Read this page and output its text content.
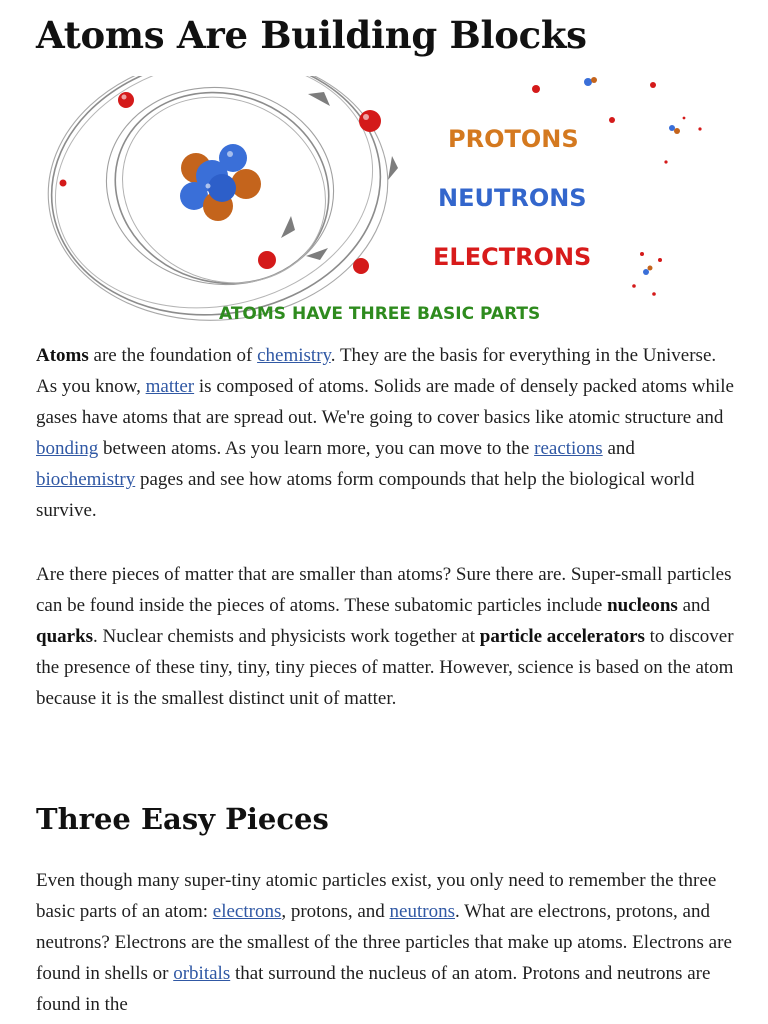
Atoms Are Building Blocks
PROTONS
NEUTRONS
ELECTRONS
ATOMS HAVE THREE BASIC PARTS

Atoms are the foundation of chemistry. They are the basis for everything in the Universe. As you know, matter is composed of atoms. Solids are made of densely packed atoms while gases have atoms that are spread out. We're going to cover basics like atomic structure and bonding between atoms. As you learn more, you can move to the reactions and biochemistry pages and see how atoms form compounds that help the biological world survive.

Are there pieces of matter that are smaller than atoms? Sure there are. Super-small particles can be found inside the pieces of atoms. These subatomic particles include nucleons and quarks. Nuclear chemists and physicists work together at particle accelerators to discover the presence of these tiny, tiny, tiny pieces of matter. However, science is based on the atom because it is the smallest distinct unit of matter.

Three Easy Pieces

Even though many super-tiny atomic particles exist, you only need to remember the three basic parts of an atom: electrons, protons, and neutrons. What are electrons, protons, and neutrons? Electrons are the smallest of the three particles that make up atoms. Electrons are found in shells or orbitals that surround the nucleus of an atom. Protons and neutrons are found in the
